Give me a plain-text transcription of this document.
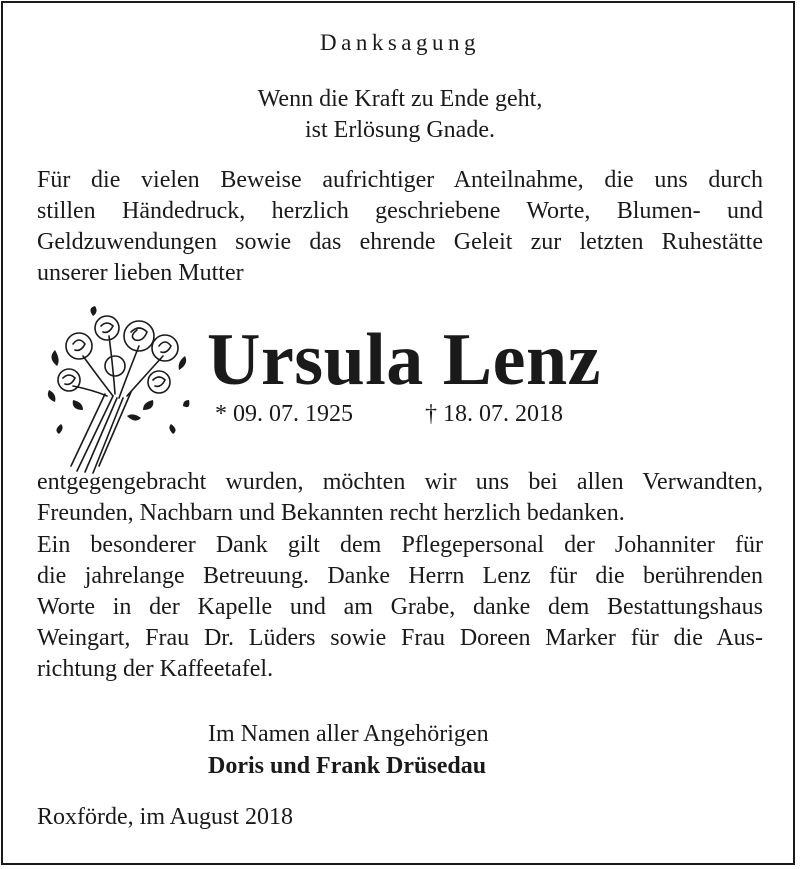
Danksagung
Wenn die Kraft zu Ende geht,
ist Erlösung Gnade.
Für die vielen Beweise aufrichtiger Anteilnahme, die uns durch
stillen Händedruck, herzlich geschriebene Worte, Blumen- und
Geldzuwendungen sowie das ehrende Geleit zur letzten Ruhestätte
unserer lieben Mutter
Ursula Lenz
* 09. 07. 1925	† 18. 07. 2018
entgegengebracht wurden, möchten wir uns bei allen Verwandten,
Freunden, Nachbarn und Bekannten recht herzlich bedanken.
Ein besonderer Dank gilt dem Pflegepersonal der Johanniter für
die jahrelange Betreuung. Danke Herrn Lenz für die berührenden
Worte in der Kapelle und am Grabe, danke dem Bestattungshaus
Weingart, Frau Dr. Lüders sowie Frau Doreen Marker für die Aus-
richtung der Kaffeetafel.
Im Namen aller Angehörigen
Doris und Frank Drüsedau
Roxförde, im August 2018
